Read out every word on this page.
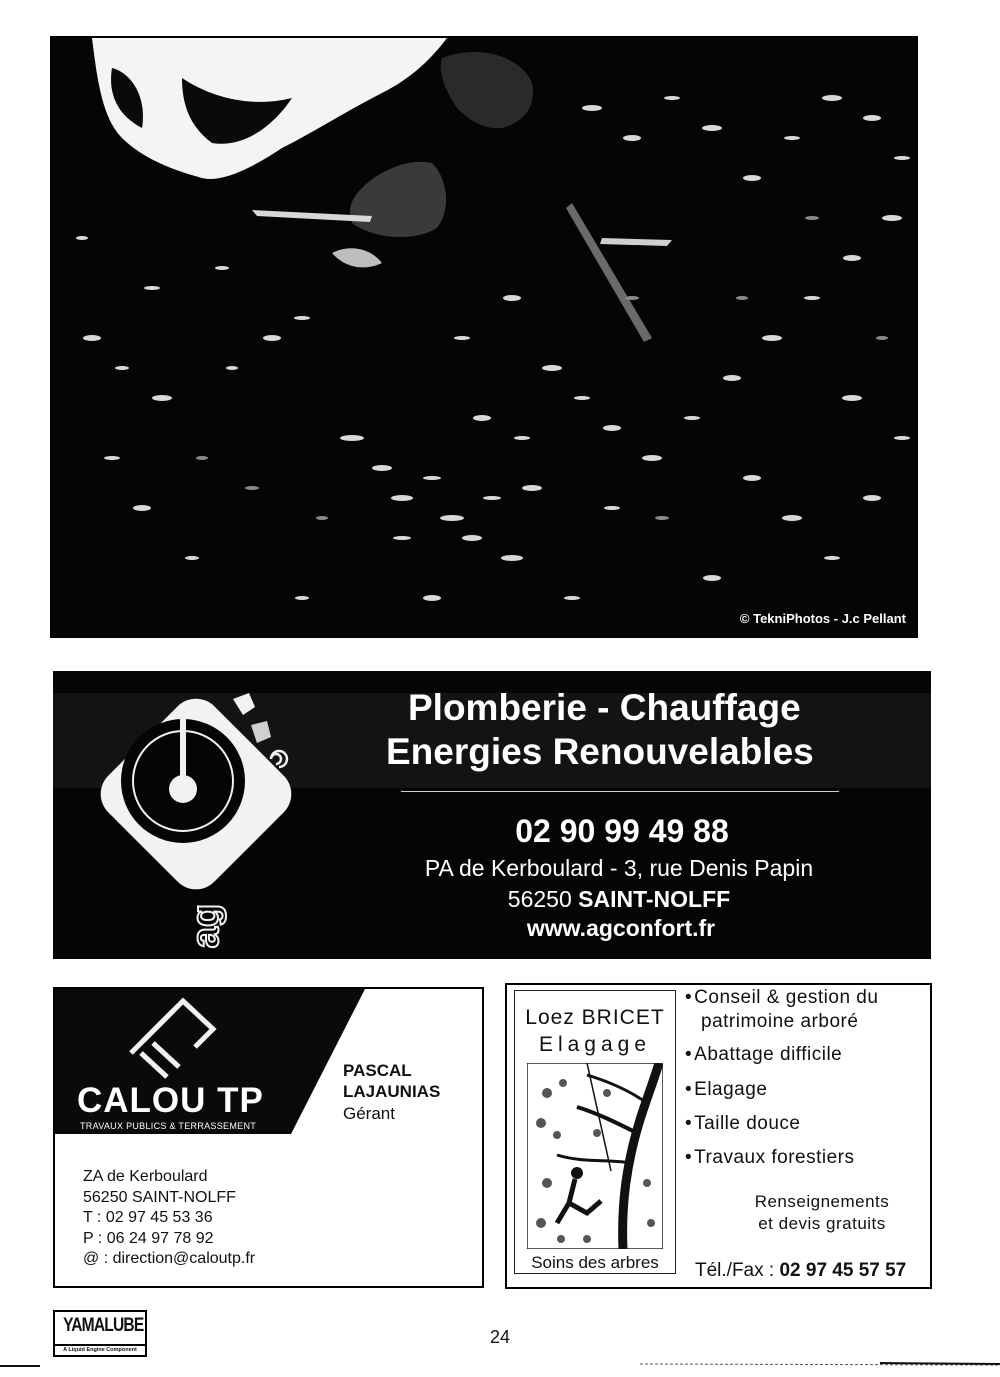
© TekniPhotos - J.c Pellant
ag
Plomberie - Chauffage
Energies Renouvelables
02 90 99 49 88
PA de Kerboulard - 3, rue Denis Papin
56250 SAINT-NOLFF
www.agconfort.fr
CALOU TP
TRAVAUX PUBLICS & TERRASSEMENT
PASCAL
LAJAUNIAS
Gérant
ZA de Kerboulard
56250 SAINT-NOLFF
T : 02 97 45 53 36
P : 06 24 97 78 92
@ : direction@caloutp.fr
Loez BRICET
Elagage
Soins des arbres
• Conseil & gestion du
patrimoine arboré
• Abattage difficile
• Elagage
• Taille douce
• Travaux forestiers
Renseignements
et devis gratuits
Tél./Fax : 02 97 45 57 57
YAMALUBE
A Liquid Engine Component
24
